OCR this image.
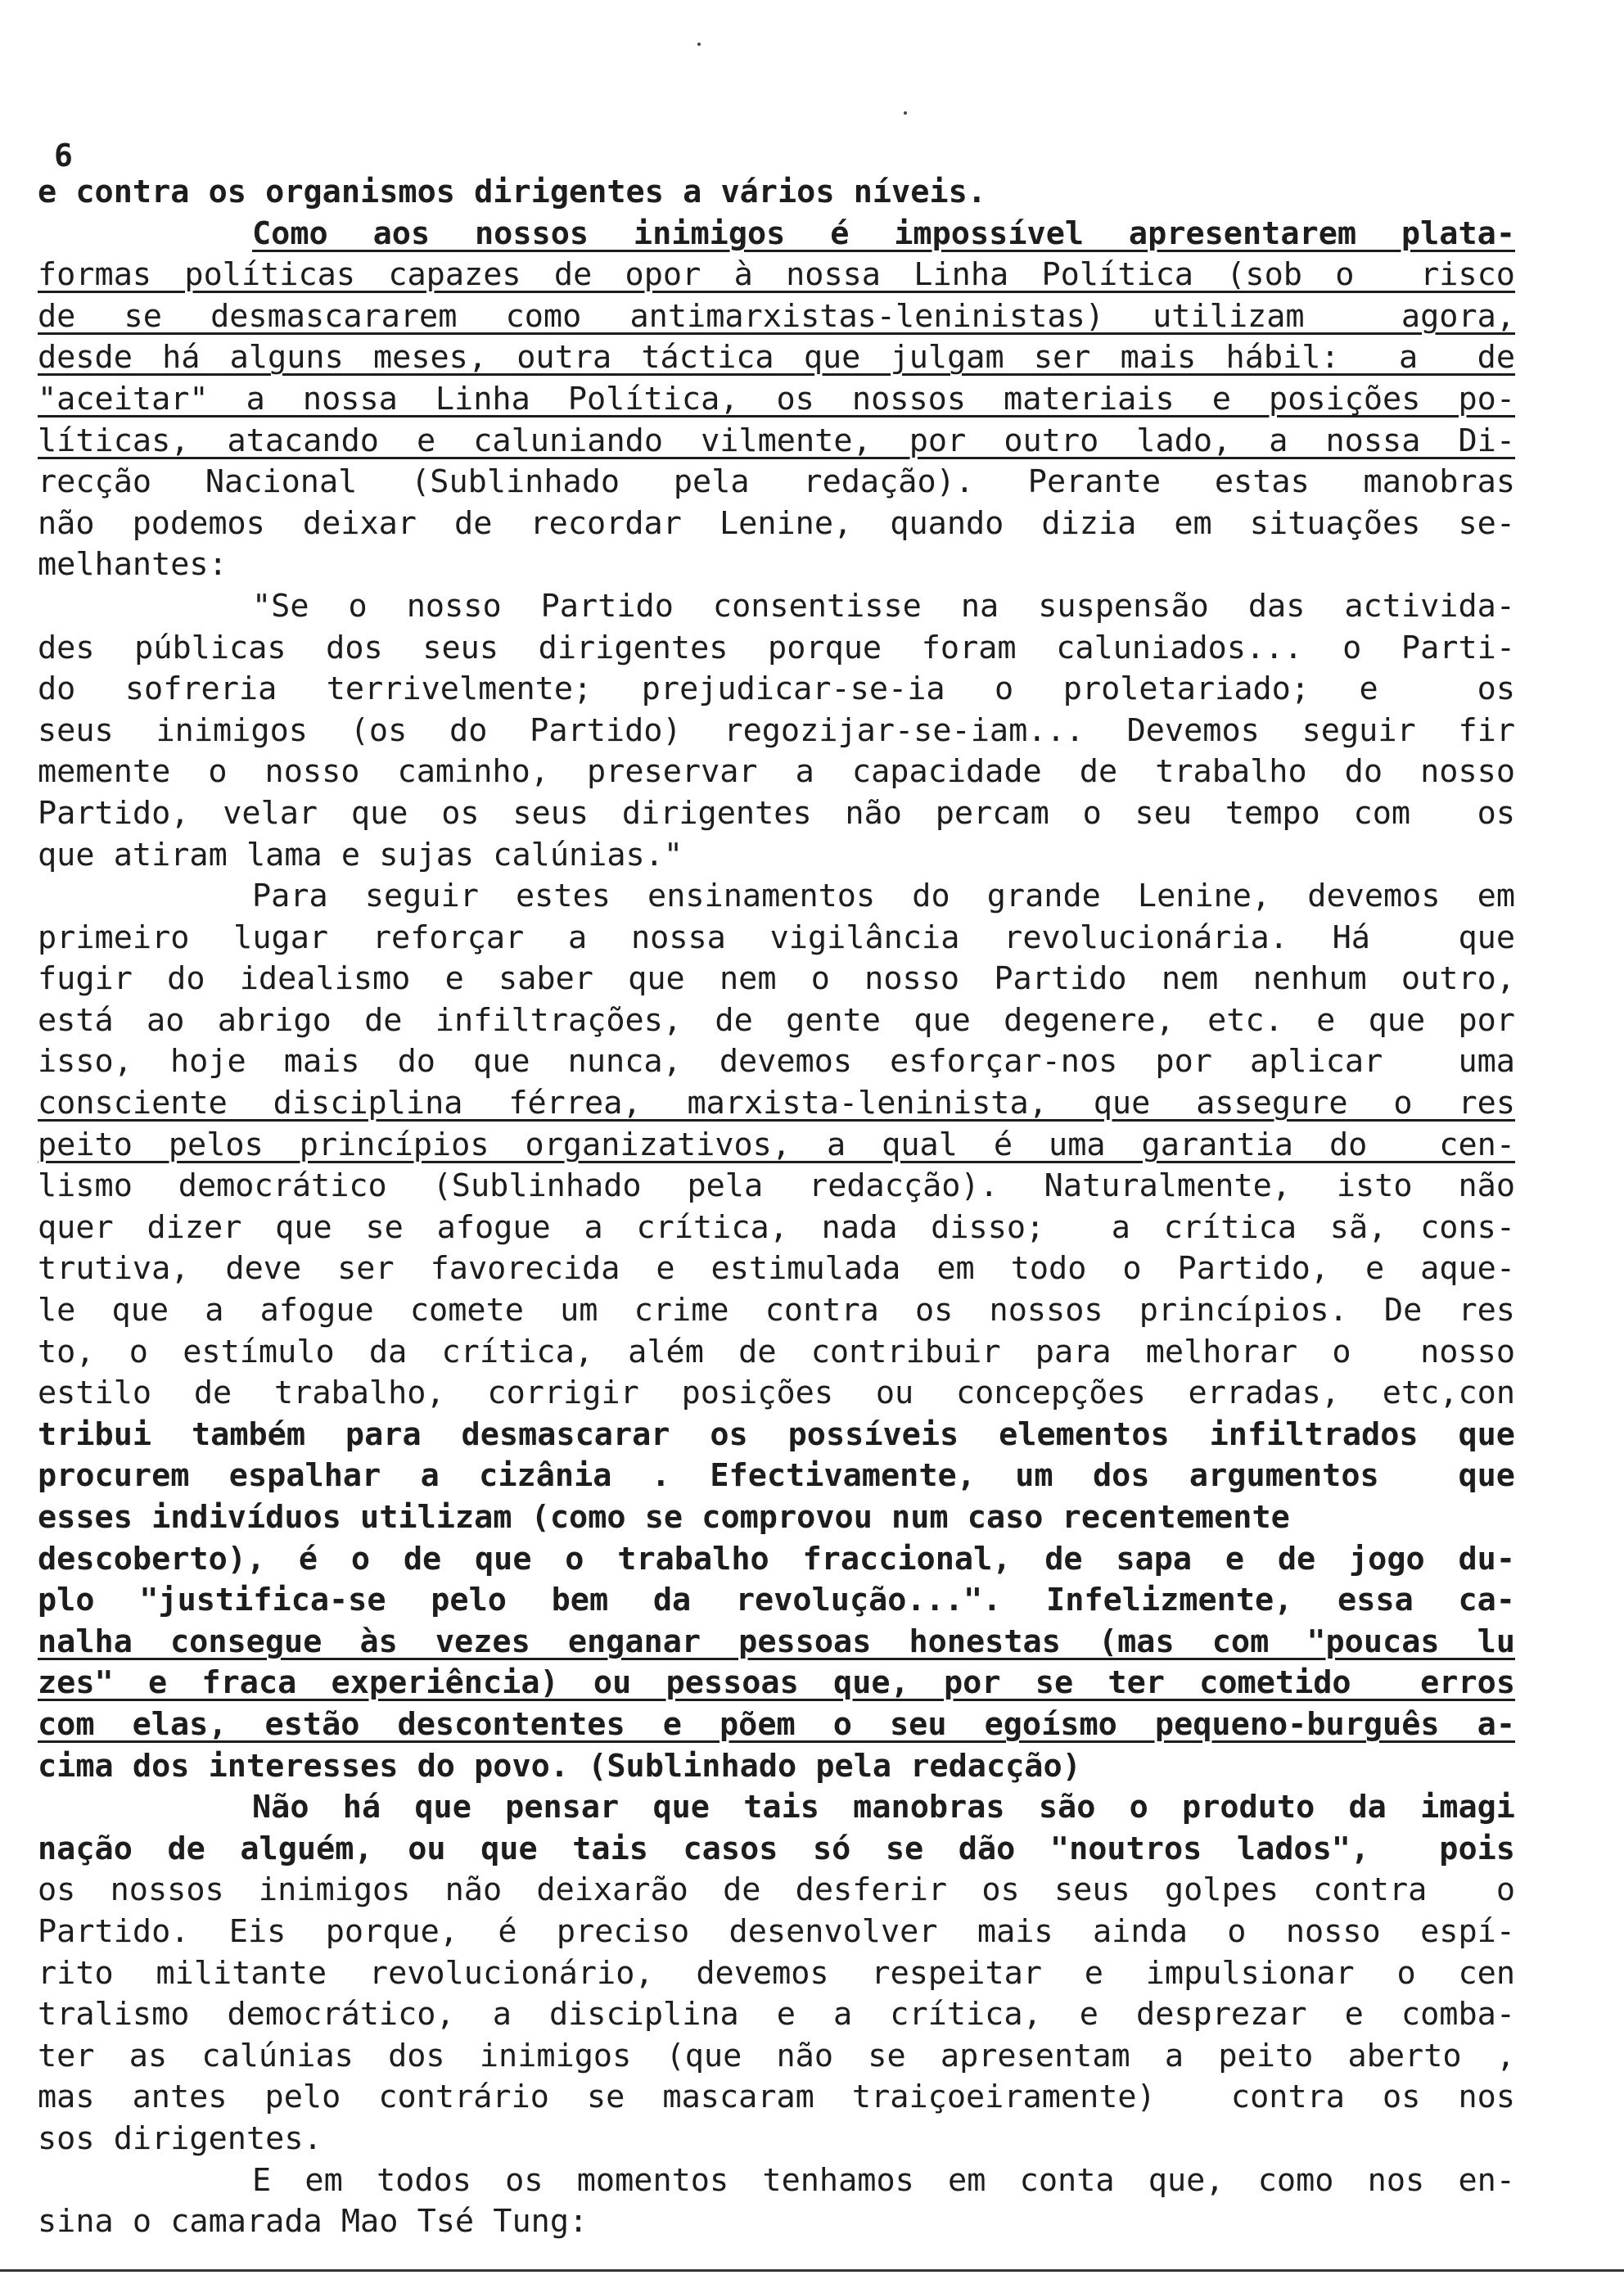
6
e contra os organismos dirigentes a vários níveis.
Como aos nossos inimigos é impossível apresentarem plata-
formas políticas capazes de opor à nossa Linha Política (sob o  risco
de se desmascararem como antimarxistas-leninistas) utilizam  agora,
desde há alguns meses, outra táctica que julgam ser mais hábil:  a  de
"aceitar" a nossa Linha Política, os nossos materiais e posições po-
líticas, atacando e caluniando vilmente, por outro lado, a nossa Di-
recção Nacional (Sublinhado pela redação). Perante estas manobras
não podemos deixar de recordar Lenine, quando dizia em situações se-
melhantes:
"Se o nosso Partido consentisse na suspensão das activida-
des públicas dos seus dirigentes porque foram caluniados... o Parti-
do sofreria terrivelmente; prejudicar-se-ia o proletariado; e  os
seus inimigos (os do Partido) regozijar-se-iam... Devemos seguir fir
memente o nosso caminho, preservar a capacidade de trabalho do nosso
Partido, velar que os seus dirigentes não percam o seu tempo com  os
que atiram lama e sujas calúnias."
Para seguir estes ensinamentos do grande Lenine, devemos em
primeiro lugar reforçar a nossa vigilância revolucionária. Há  que
fugir do idealismo e saber que nem o nosso Partido nem nenhum outro,
está ao abrigo de infiltrações, de gente que degenere, etc. e que por
isso, hoje mais do que nunca, devemos esforçar-nos por aplicar  uma
consciente disciplina férrea, marxista-leninista, que assegure o res
peito pelos princípios organizativos, a qual é uma garantia do  cen-
lismo democrático (Sublinhado pela redacção). Naturalmente, isto não
quer dizer que se afogue a crítica, nada disso;  a crítica sã, cons-
trutiva, deve ser favorecida e estimulada em todo o Partido, e aque-
le que a afogue comete um crime contra os nossos princípios. De res
to, o estímulo da crítica, além de contribuir para melhorar o  nosso
estilo de trabalho, corrigir posições ou concepções erradas, etc,con
tribui também para desmascarar os possíveis elementos infiltrados que
procurem espalhar a cizânia . Efectivamente, um dos argumentos  que
esses indivíduos utilizam (como se comprovou num caso recentemente
descoberto), é o de que o trabalho fraccional, de sapa e de jogo du-
plo "justifica-se pelo bem da revolução...". Infelizmente, essa ca-
nalha consegue às vezes enganar pessoas honestas (mas com "poucas lu
zes" e fraca experiência) ou pessoas que, por se ter cometido  erros
com elas, estão descontentes e põem o seu egoísmo pequeno-burguês a-
cima dos interesses do povo. (Sublinhado pela redacção)
Não há que pensar que tais manobras são o produto da imagi
nação de alguém, ou que tais casos só se dão "noutros lados",  pois
os nossos inimigos não deixarão de desferir os seus golpes contra  o
Partido. Eis porque, é preciso desenvolver mais ainda o nosso espí-
rito militante revolucionário, devemos respeitar e impulsionar o cen
tralismo democrático, a disciplina e a crítica, e desprezar e comba-
ter as calúnias dos inimigos (que não se apresentam a peito aberto ,
mas antes pelo contrário se mascaram traiçoeiramente)  contra os nos
sos dirigentes.
E em todos os momentos tenhamos em conta que, como nos en-
sina o camarada Mao Tsé Tung:
